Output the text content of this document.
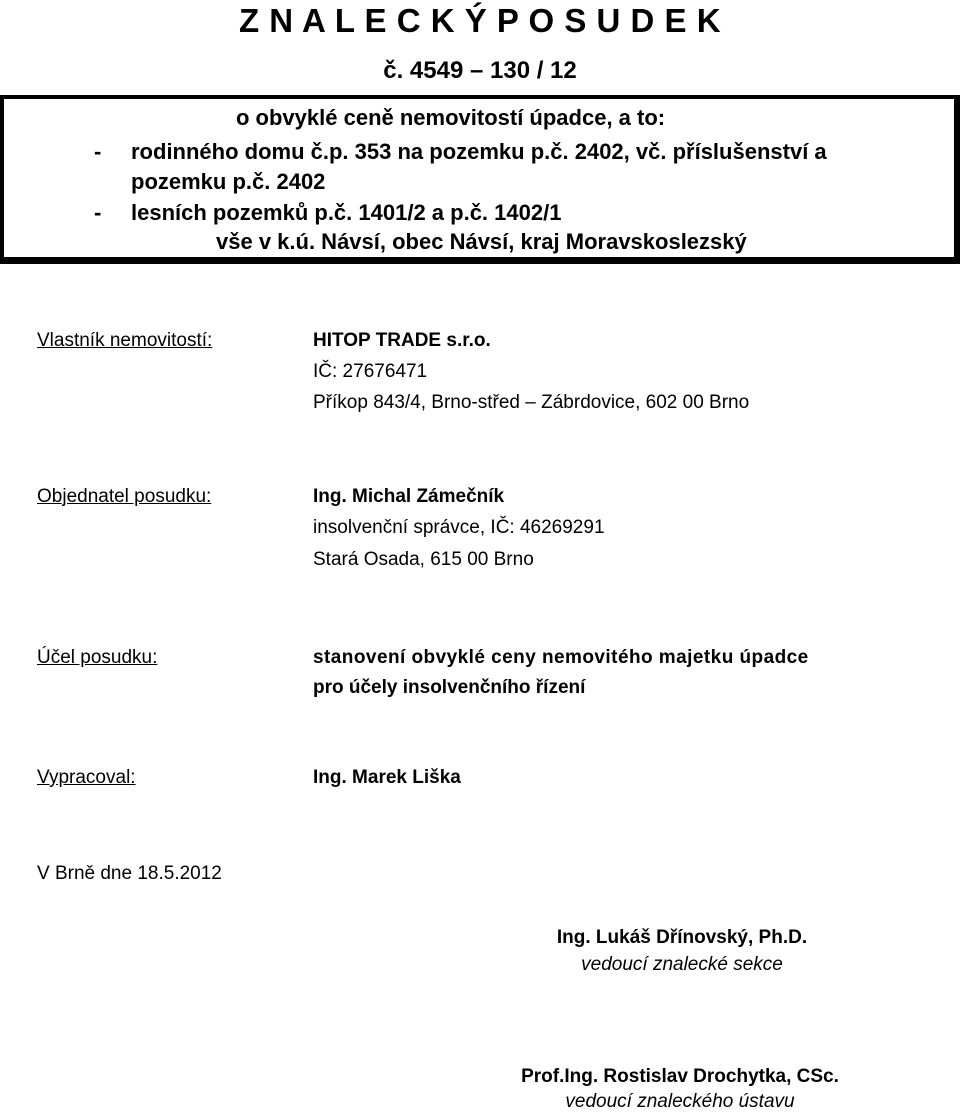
Z N A L E C K Ý P O S U D E K
č. 4549 – 130 / 12
o obvyklé ceně nemovitostí úpadce, a to:
- rodinného domu č.p. 353 na pozemku p.č. 2402, vč. příslušenství a
pozemku p.č. 2402
- lesních pozemků p.č. 1401/2 a p.č. 1402/1
vše v k.ú. Návsí, obec Návsí, kraj Moravskoslezský
Vlastník nemovitostí:	HITOP TRADE s.r.o.
IČ: 27676471
Příkop 843/4, Brno-střed – Zábrdovice, 602 00 Brno
Objednatel posudku:	Ing. Michal Zámečník
insolvenční správce, IČ: 46269291
Stará Osada, 615 00 Brno
Účel posudku:	stanovení obvyklé ceny nemovitého majetku úpadce
pro účely insolvenčního řízení
Vypracoval:	Ing. Marek Liška
V Brně dne 18.5.2012
Ing. Lukáš Dřínovský, Ph.D.
vedoucí znalecké sekce
Prof.Ing. Rostislav Drochytka, CSc.
vedoucí znaleckého ústavu
